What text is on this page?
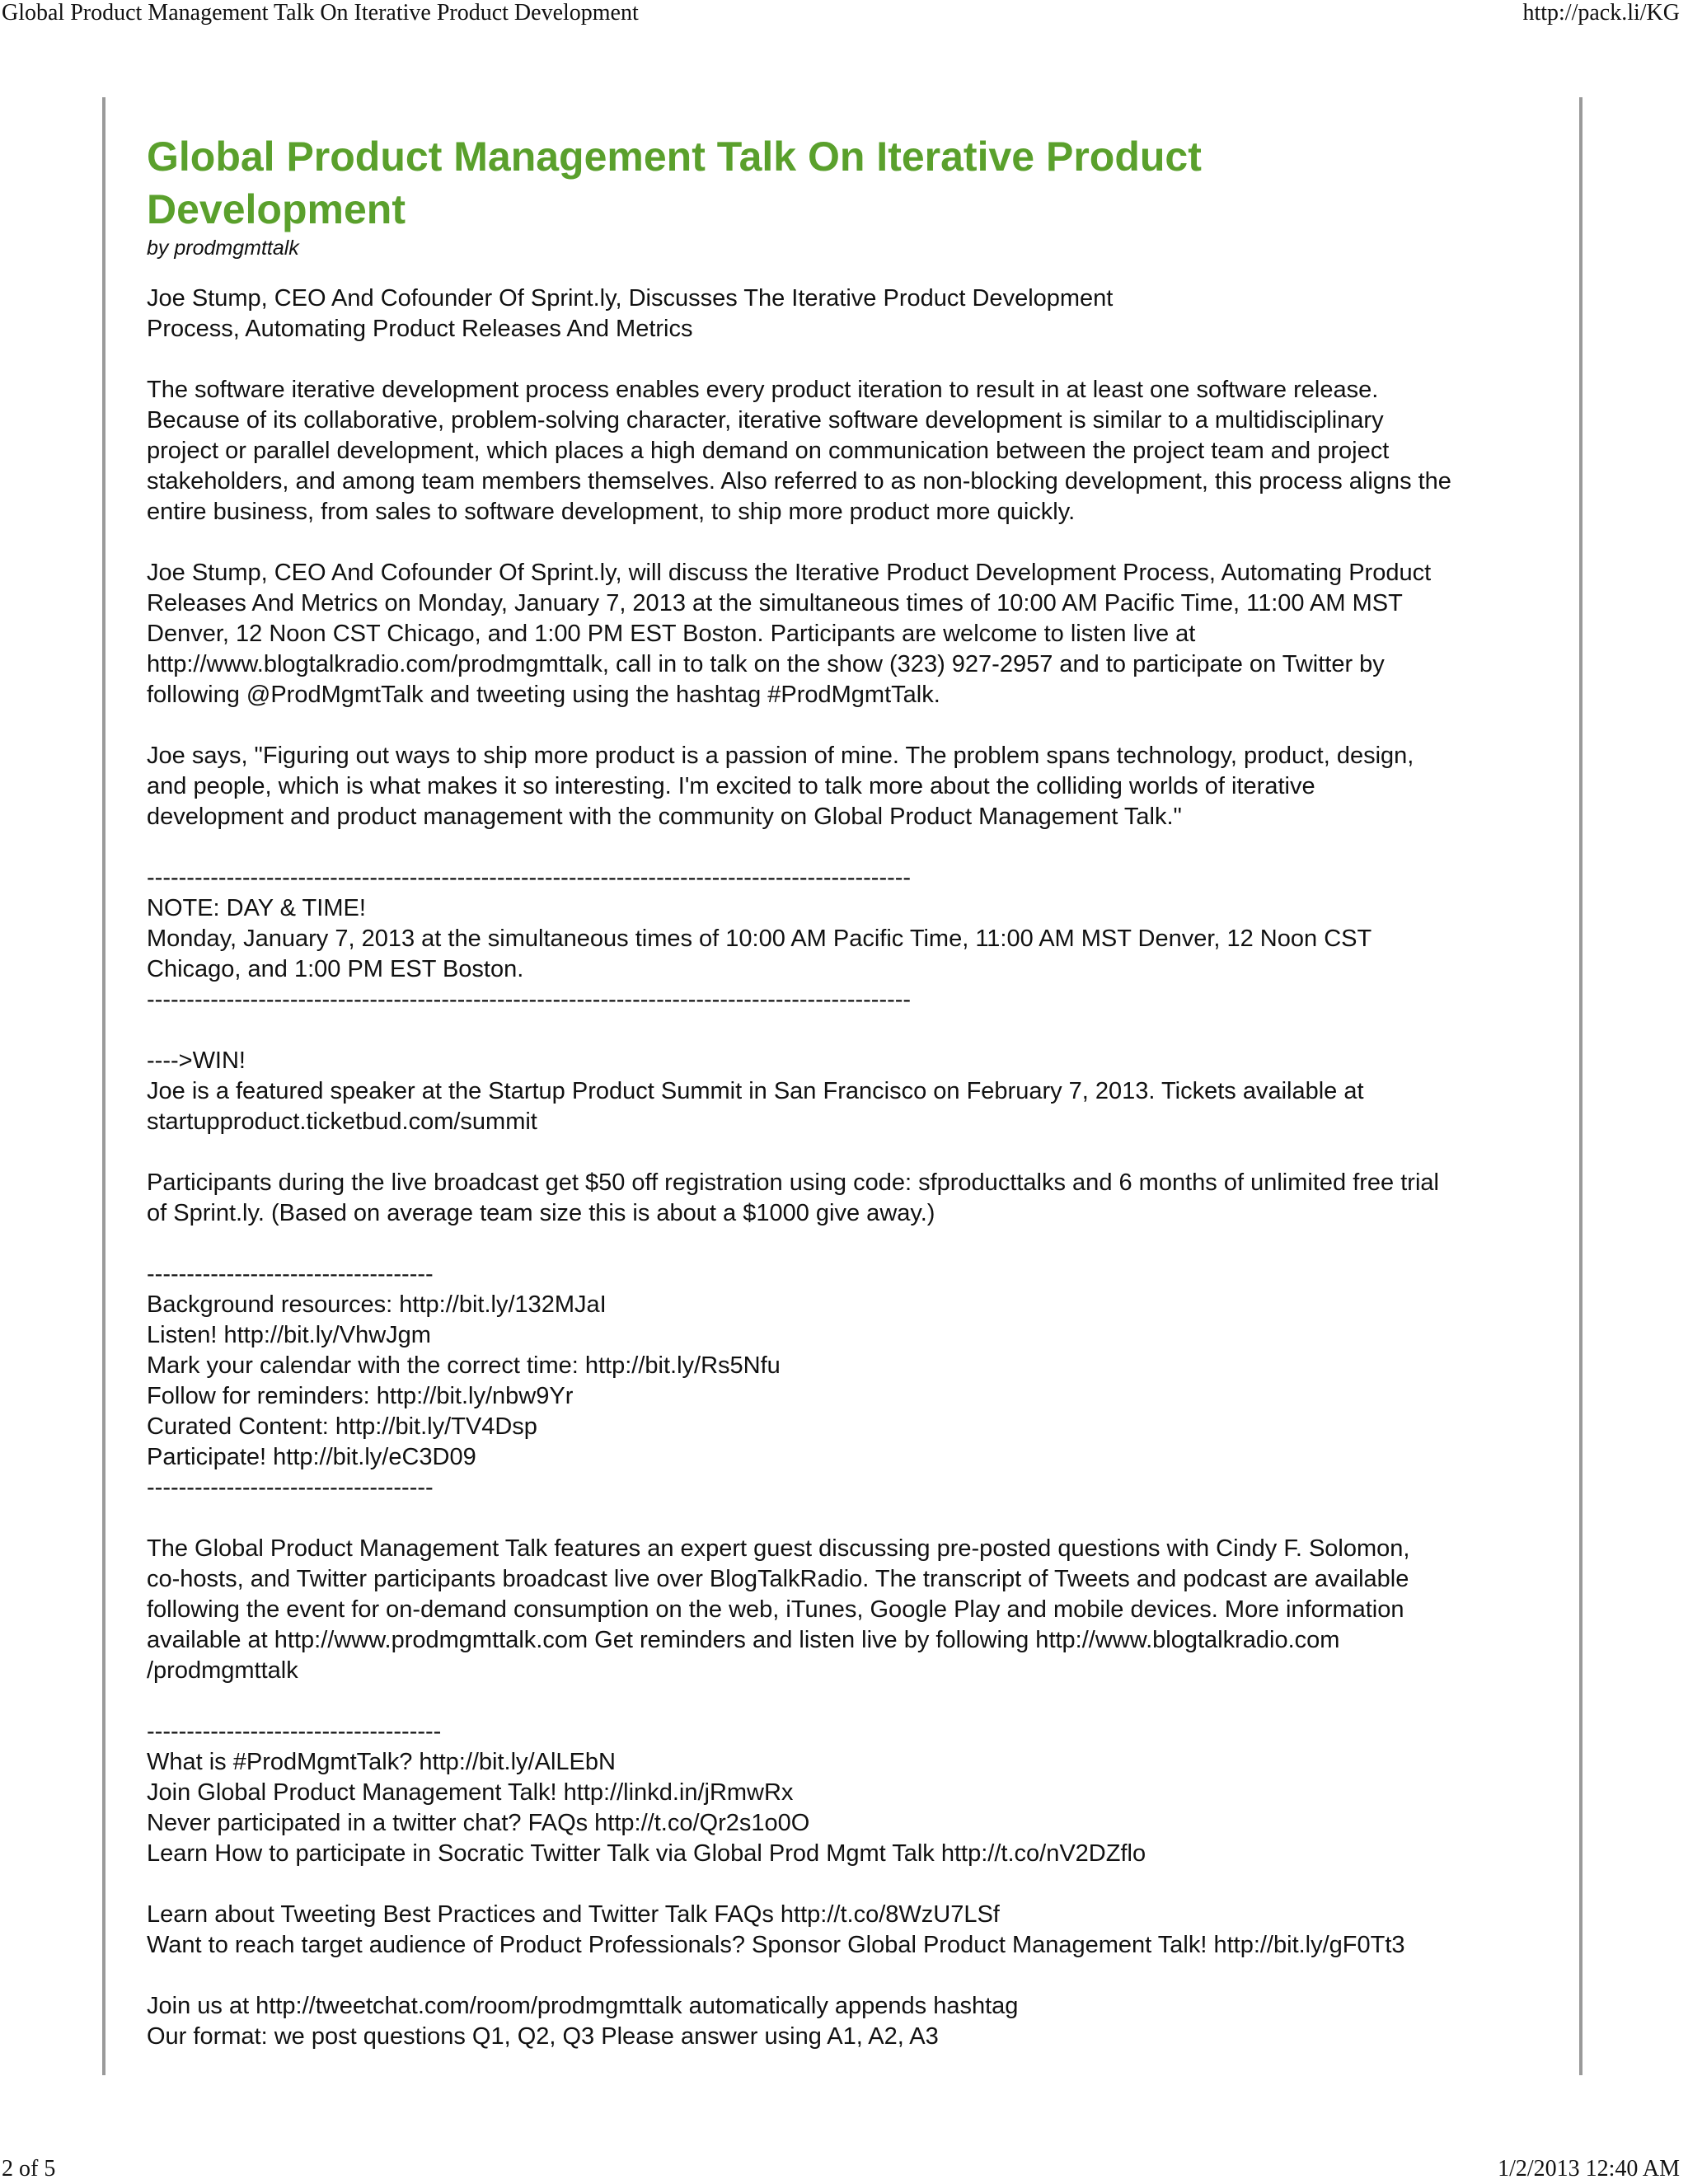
Global Product Management Talk On Iterative Product Development	http://pack.li/KG
Global Product Management Talk On Iterative Product Development
by prodmgmttalk
Joe Stump, CEO And Cofounder Of Sprint.ly, Discusses The Iterative Product Development
Process, Automating Product Releases And Metrics
The software iterative development process enables every product iteration to result in at least one software release.
Because of its collaborative, problem-solving character, iterative software development is similar to a multidisciplinary
project or parallel development, which places a high demand on communication between the project team and project
stakeholders, and among team members themselves. Also referred to as non-blocking development, this process aligns the
entire business, from sales to software development, to ship more product more quickly.
Joe Stump, CEO And Cofounder Of Sprint.ly, will discuss the Iterative Product Development Process, Automating Product
Releases And Metrics on Monday, January 7, 2013 at the simultaneous times of 10:00 AM Pacific Time, 11:00 AM MST
Denver, 12 Noon CST Chicago, and 1:00 PM EST Boston. Participants are welcome to listen live at
http://www.blogtalkradio.com/prodmgmttalk, call in to talk on the show (323) 927-2957 and to participate on Twitter by
following @ProdMgmtTalk and tweeting using the hashtag #ProdMgmtTalk.
Joe says, "Figuring out ways to ship more product is a passion of mine. The problem spans technology, product, design,
and people, which is what makes it so interesting. I'm excited to talk more about the colliding worlds of iterative
development and product management with the community on Global Product Management Talk."
------------------------------------------------------------------------------------------------
NOTE: DAY & TIME!
Monday, January 7, 2013 at the simultaneous times of 10:00 AM Pacific Time, 11:00 AM MST Denver, 12 Noon CST
Chicago, and 1:00 PM EST Boston.
------------------------------------------------------------------------------------------------
---->WIN!
Joe is a featured speaker at the Startup Product Summit in San Francisco on February 7, 2013. Tickets available at
startupproduct.ticketbud.com/summit
Participants during the live broadcast get $50 off registration using code: sfproducttalks and 6 months of unlimited free trial
of Sprint.ly. (Based on average team size this is about a $1000 give away.)
------------------------------------
Background resources: http://bit.ly/132MJaI
Listen! http://bit.ly/VhwJgm
Mark your calendar with the correct time: http://bit.ly/Rs5Nfu
Follow for reminders: http://bit.ly/nbw9Yr
Curated Content: http://bit.ly/TV4Dsp
Participate! http://bit.ly/eC3D09
------------------------------------
The Global Product Management Talk features an expert guest discussing pre-posted questions with Cindy F. Solomon,
co-hosts, and Twitter participants broadcast live over BlogTalkRadio. The transcript of Tweets and podcast are available
following the event for on-demand consumption on the web, iTunes, Google Play and mobile devices. More information
available at http://www.prodmgmttalk.com Get reminders and listen live by following http://www.blogtalkradio.com
/prodmgmttalk
-------------------------------------
What is #ProdMgmtTalk? http://bit.ly/AlLEbN
Join Global Product Management Talk! http://linkd.in/jRmwRx
Never participated in a twitter chat? FAQs http://t.co/Qr2s1o0O
Learn How to participate in Socratic Twitter Talk via Global Prod Mgmt Talk http://t.co/nV2DZflo
Learn about Tweeting Best Practices and Twitter Talk FAQs http://t.co/8WzU7LSf
Want to reach target audience of Product Professionals? Sponsor Global Product Management Talk! http://bit.ly/gF0Tt3
Join us at http://tweetchat.com/room/prodmgmttalk automatically appends hashtag
Our format: we post questions Q1, Q2, Q3 Please answer using A1, A2, A3
2 of 5	1/2/2013 12:40 AM
